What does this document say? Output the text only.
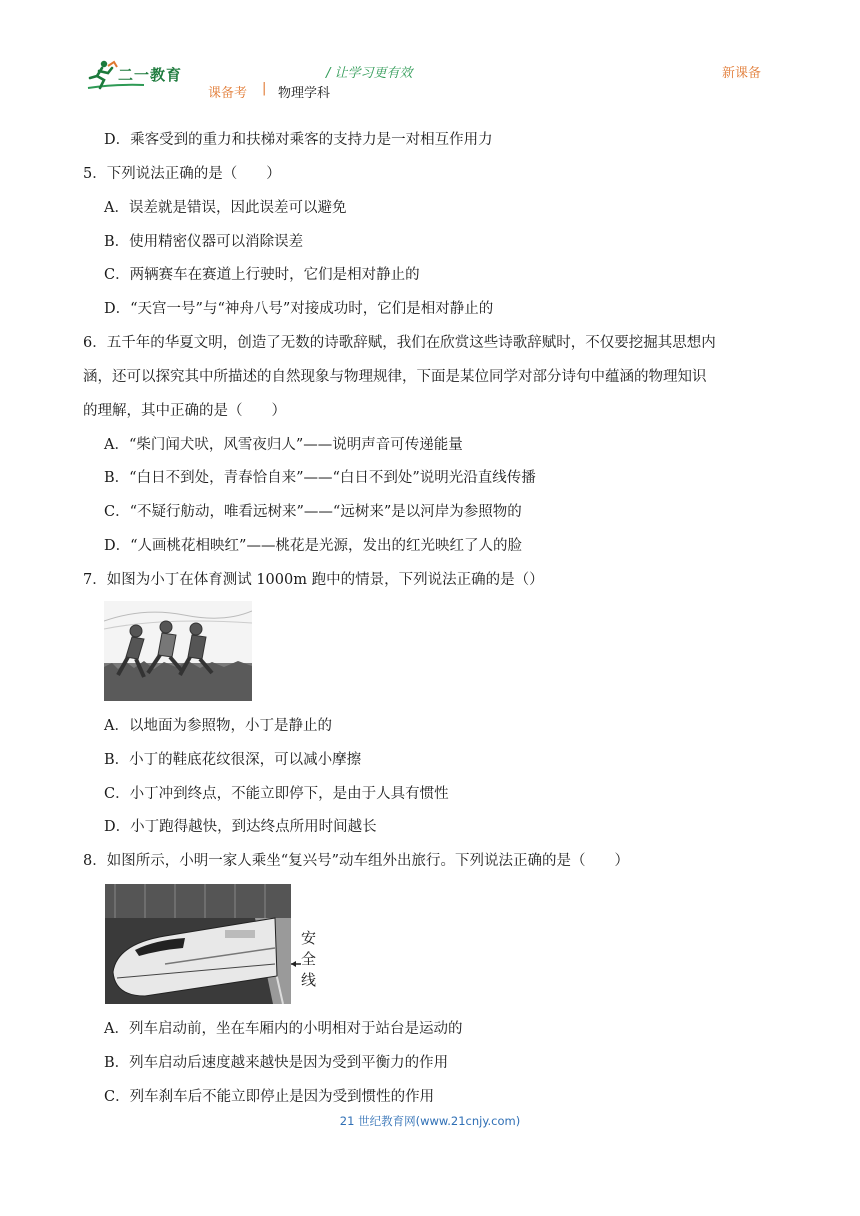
二一教育	/ 让学习更有效	新课备
课备考 | 物理学科
D．乘客受到的重力和扶梯对乘客的支持力是一对相互作用力
5．下列说法正确的是（　　）
A．误差就是错误，因此误差可以避免
B．使用精密仪器可以消除误差
C．两辆赛车在赛道上行驶时，它们是相对静止的
D．“天宫一号”与“神舟八号”对接成功时，它们是相对静止的
6．五千年的华夏文明，创造了无数的诗歌辞赋，我们在欣赏这些诗歌辞赋时，不仅要挖掘其思想内
涵，还可以探究其中所描述的自然现象与物理规律，下面是某位同学对部分诗句中蕴涵的物理知识
的理解，其中正确的是（　　）
A．“柴门闻犬吠，风雪夜归人”——说明声音可传递能量
B．“白日不到处，青春恰自来”——“白日不到处”说明光沿直线传播
C．“不疑行舫动，唯看远树来”——“远树来”是以河岸为参照物的
D．“人画桃花相映红”——桃花是光源，发出的红光映红了人的脸
7．如图为小丁在体育测试 1000m 跑中的情景，下列说法正确的是（）
A．以地面为参照物，小丁是静止的
B．小丁的鞋底花纹很深，可以减小摩擦
C．小丁冲到终点，不能立即停下，是由于人具有惯性
D．小丁跑得越快，到达终点所用时间越长
8．如图所示，小明一家人乘坐“复兴号”动车组外出旅行。下列说法正确的是（　　）
安
全
线
A．列车启动前，坐在车厢内的小明相对于站台是运动的
B．列车启动后速度越来越快是因为受到平衡力的作用
C．列车刹车后不能立即停止是因为受到惯性的作用
21 世纪教育网(www.21cnjy.com)
